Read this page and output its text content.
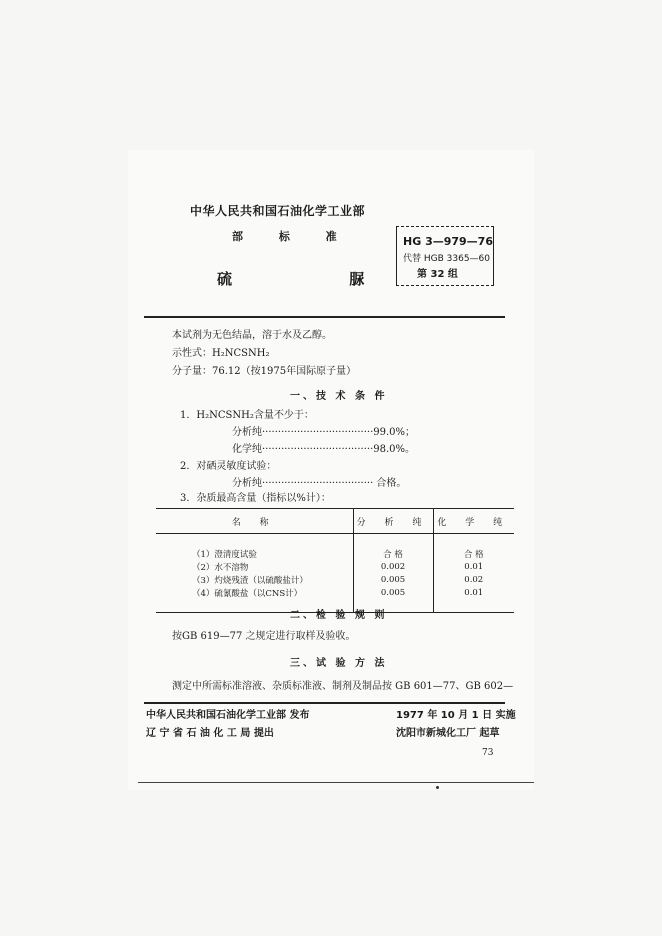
中华人民共和国石油化学工业部
部 标 准
硫 脲
HG 3—979—76
代替 HGB 3365—60
第 32 组
本试剂为无色结晶，溶于水及乙醇。
示性式：H₂NCSNH₂
分子量：76.12（按1975年国际原子量）
一、技 术 条 件
1．H₂NCSNH₂含量不少于：
分析纯···································99.0%；
化学纯···································98.0%。
2．对硒灵敏度试验：
分析纯··································· 合格。
3．杂质最高含量（指标以%计）：
名 称	分 析 纯	化 学 纯

（1）澄清度试验	合 格	合 格
（2）水不溶物	0.002	0.01
（3）灼烧残渣（以硫酸盐计）	0.005	0.02
（4）硫氰酸盐（以CNS计）	0.005	0.01

二、检 验 规 则
按GB 619—77 之规定进行取样及验收。
三、试 验 方 法
测定中所需标准溶液、杂质标准液、制剂及制品按 GB 601—77、GB 602—
中华人民共和国石油化学工业部 发布
辽 宁 省 石 油 化 工 局 提出
1977 年 10 月 1 日 实施
沈阳市新城化工厂 起草
73
